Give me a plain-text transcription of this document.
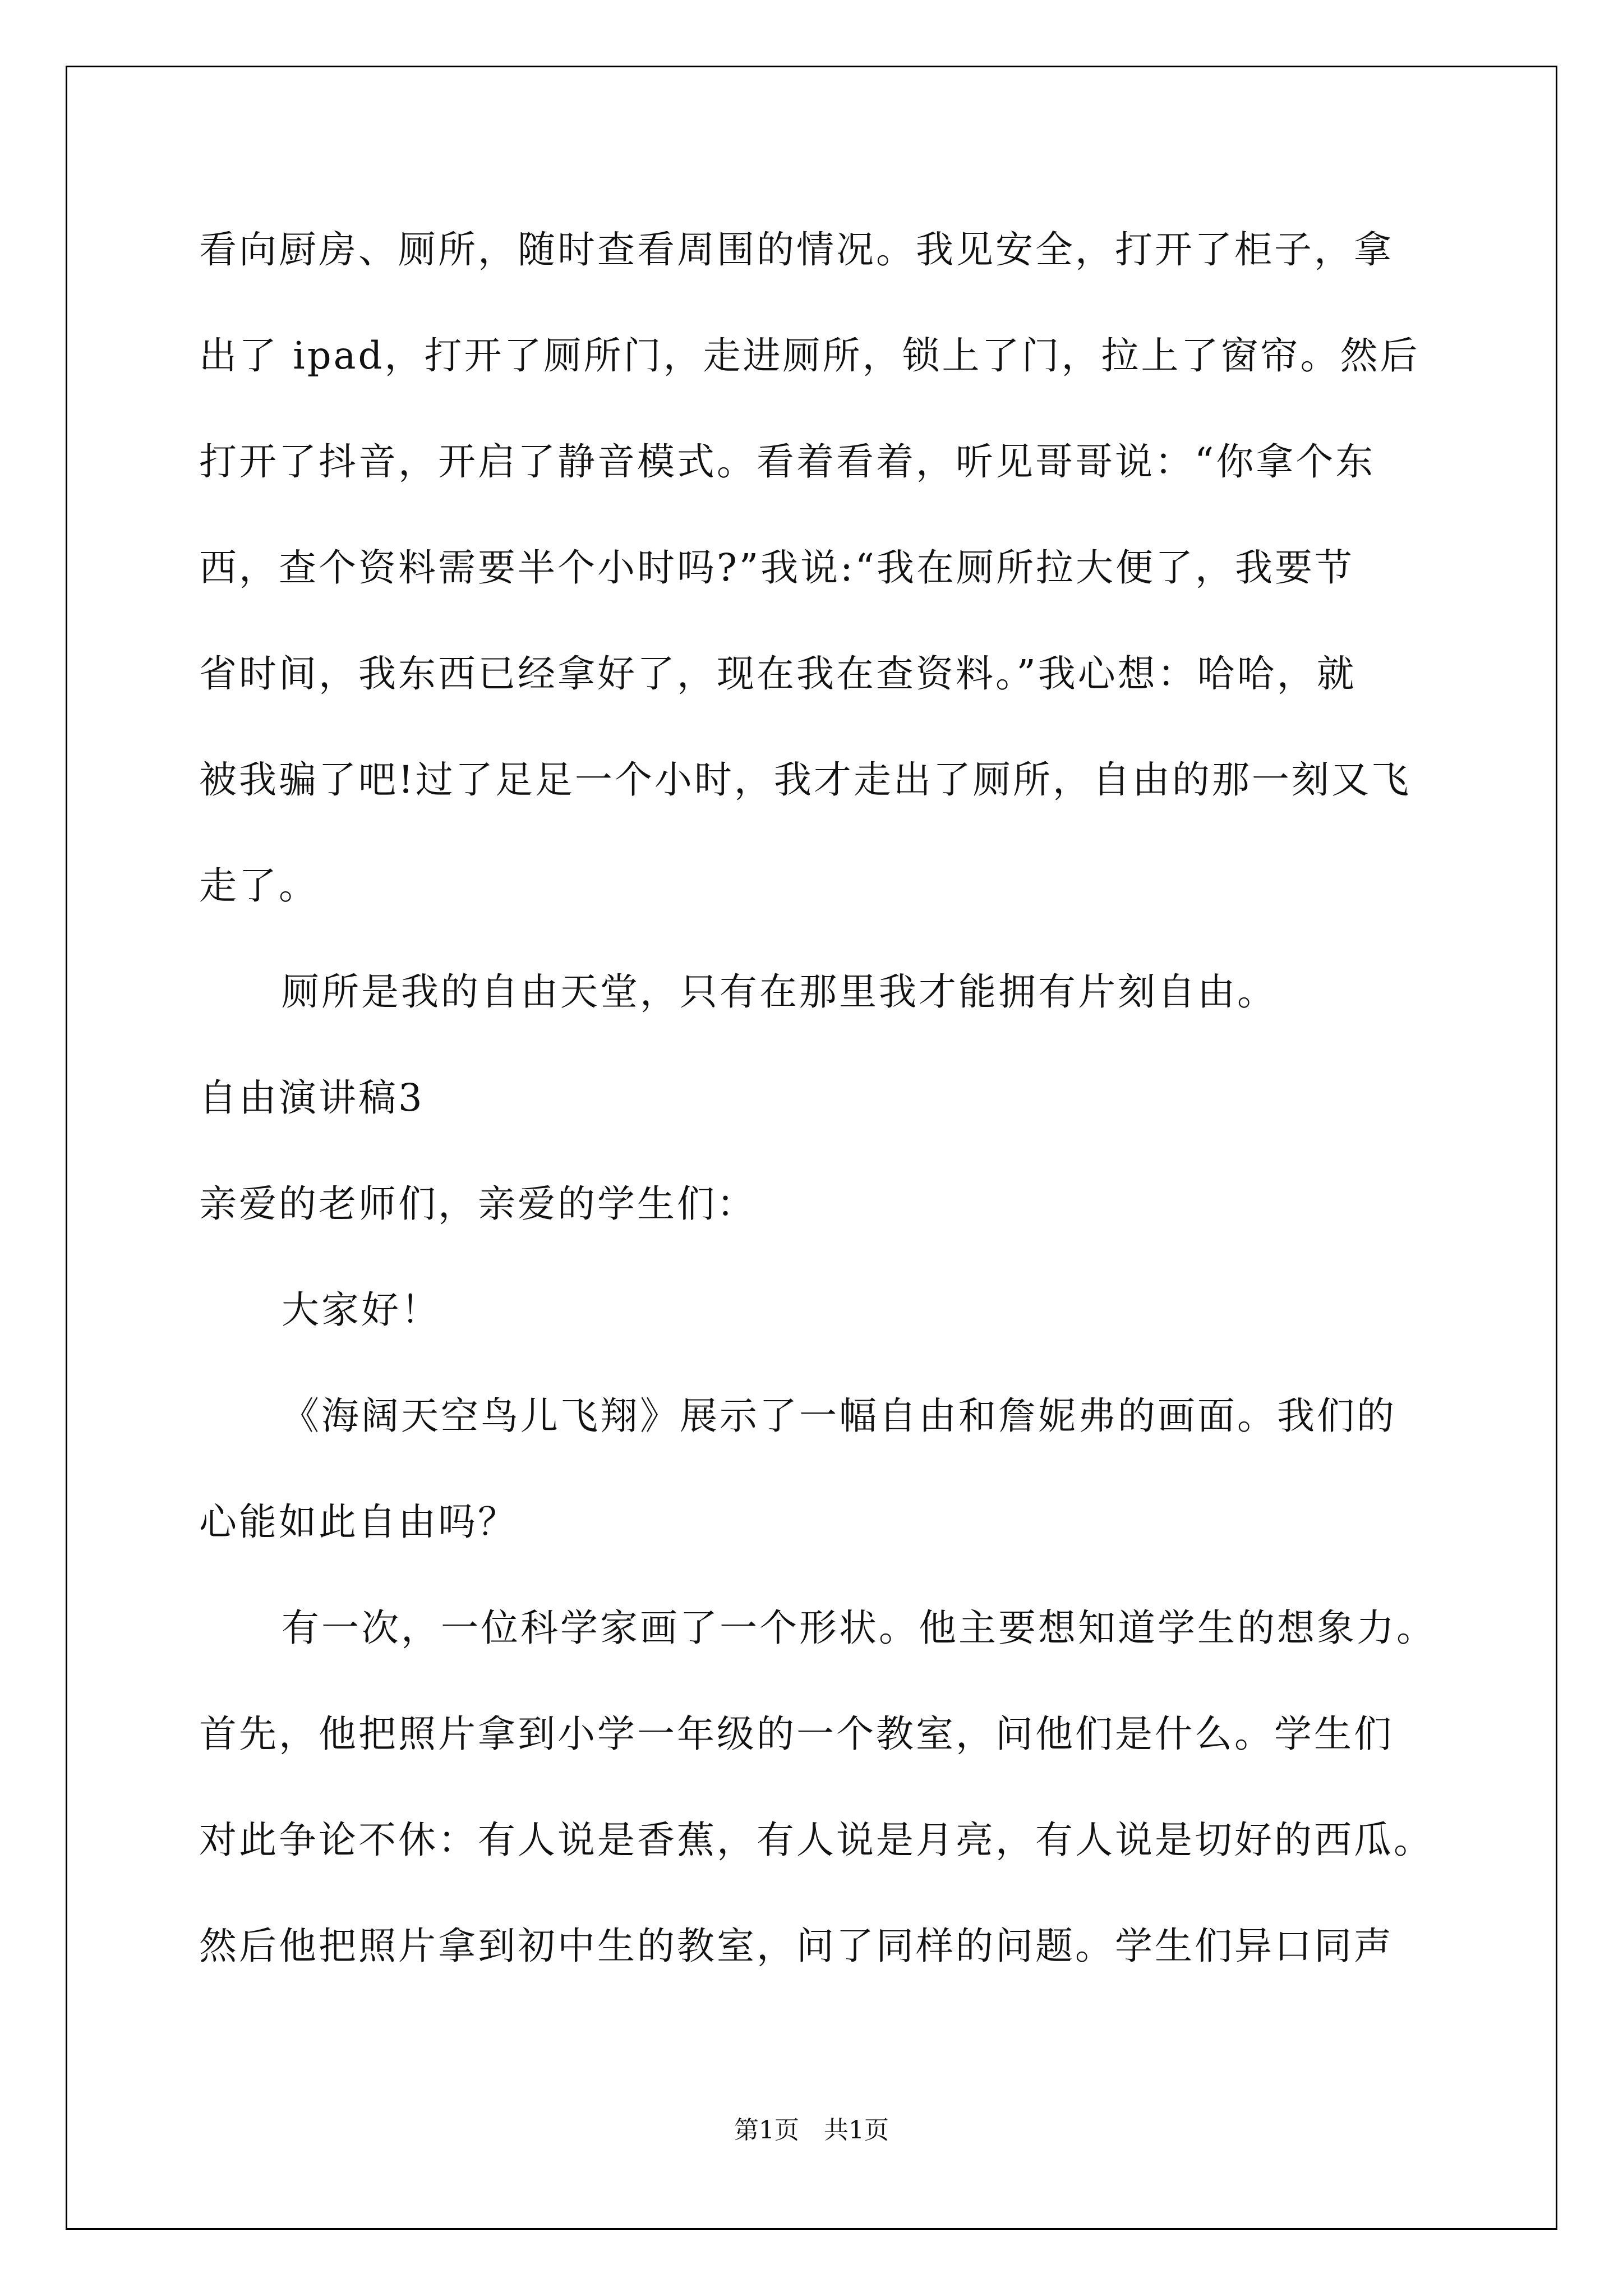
看向厨房、厕所，随时查看周围的情况。我见安全，打开了柜子，拿
出了 ipad，打开了厕所门，走进厕所，锁上了门，拉上了窗帘。然后
打开了抖音，开启了静音模式。看着看着，听见哥哥说：“你拿个东
西，查个资料需要半个小时吗?”我说:“我在厕所拉大便了，我要节
省时间，我东西已经拿好了，现在我在查资料。”我心想：哈哈，就
被我骗了吧!过了足足一个小时，我才走出了厕所，自由的那一刻又飞
走了。
厕所是我的自由天堂，只有在那里我才能拥有片刻自由。
自由演讲稿3
亲爱的老师们，亲爱的学生们：
大家好！
《海阔天空鸟儿飞翔》展示了一幅自由和詹妮弗的画面。我们的
心能如此自由吗？
有一次，一位科学家画了一个形状。他主要想知道学生的想象力。
首先，他把照片拿到小学一年级的一个教室，问他们是什么。学生们
对此争论不休：有人说是香蕉，有人说是月亮，有人说是切好的西瓜。
然后他把照片拿到初中生的教室，问了同样的问题。学生们异口同声
第1页　共1页
